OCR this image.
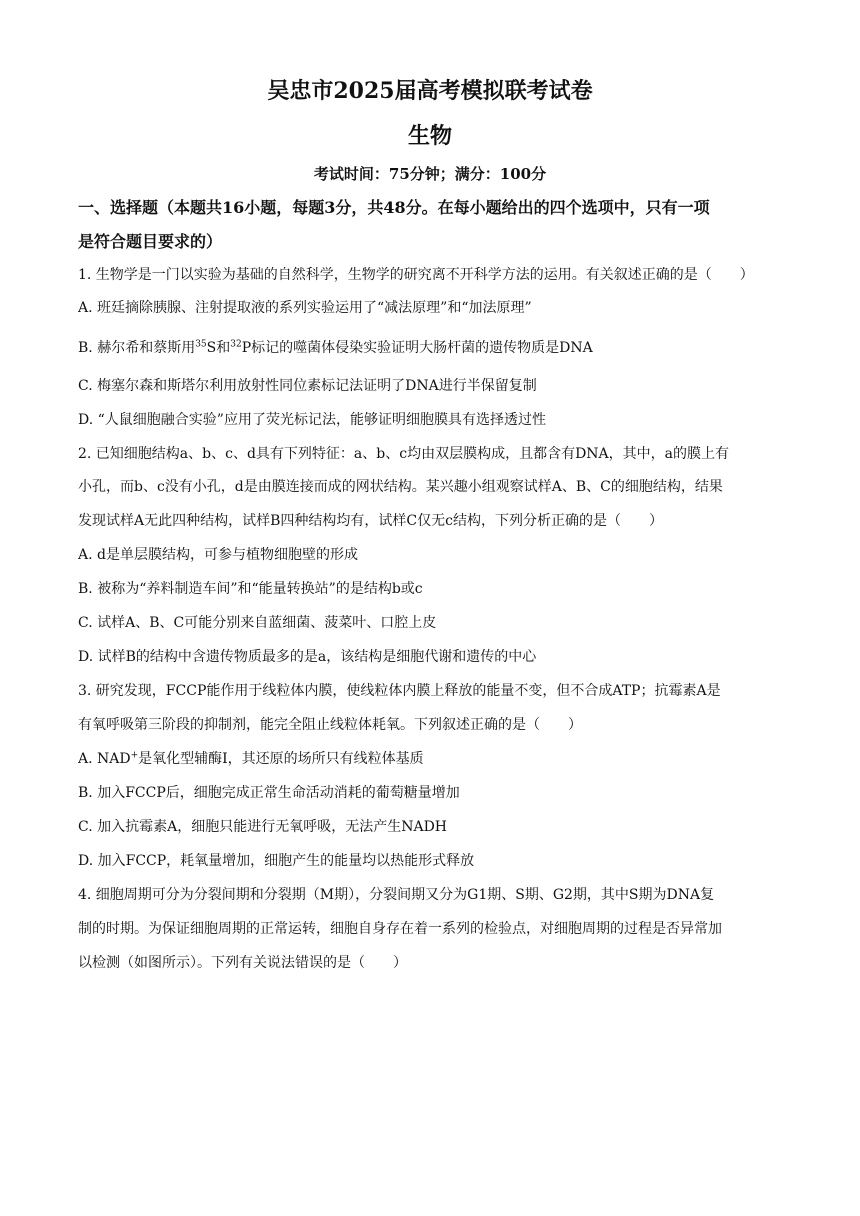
吴忠市2025届高考模拟联考试卷
生物
考试时间：75分钟；满分：100分
一、选择题（本题共16小题，每题3分，共48分。在每小题给出的四个选项中，只有一项
是符合题目要求的）
1. 生物学是一门以实验为基础的自然科学，生物学的研究离不开科学方法的运用。有关叙述正确的是（　　）
A. 班廷摘除胰腺、注射提取液的系列实验运用了“减法原理”和“加法原理”
B. 赫尔希和蔡斯用$^{35}$S和$^{32}$P标记的噬菌体侵染实验证明大肠杆菌的遗传物质是DNA
C. 梅塞尔森和斯塔尔利用放射性同位素标记法证明了DNA进行半保留复制
D. “人鼠细胞融合实验”应用了荧光标记法，能够证明细胞膜具有选择透过性
2. 已知细胞结构a、b、c、d具有下列特征：a、b、c均由双层膜构成，且都含有DNA，其中，a的膜上有
小孔，而b、c没有小孔，d是由膜连接而成的网状结构。某兴趣小组观察试样A、B、C的细胞结构，结果
发现试样A无此四种结构，试样B四种结构均有，试样C仅无c结构，下列分析正确的是（　　）
A. d是单层膜结构，可参与植物细胞壁的形成
B. 被称为“养料制造车间”和“能量转换站”的是结构b或c
C. 试样A、B、C可能分别来自蓝细菌、菠菜叶、口腔上皮
D. 试样B的结构中含遗传物质最多的是a，该结构是细胞代谢和遗传的中心
3. 研究发现，FCCP能作用于线粒体内膜，使线粒体内膜上释放的能量不变，但不合成ATP；抗霉素A是
有氧呼吸第三阶段的抑制剂，能完全阻止线粒体耗氧。下列叙述正确的是（　　）
A. NAD+是氧化型辅酶Ⅰ，其还原的场所只有线粒体基质
B. 加入FCCP后，细胞完成正常生命活动消耗的葡萄糖量增加
C. 加入抗霉素A，细胞只能进行无氧呼吸，无法产生NADH
D. 加入FCCP，耗氧量增加，细胞产生的能量均以热能形式释放
4. 细胞周期可分为分裂间期和分裂期（M期），分裂间期又分为G1期、S期、G2期，其中S期为DNA复
制的时期。为保证细胞周期的正常运转，细胞自身存在着一系列的检验点，对细胞周期的过程是否异常加
以检测（如图所示）。下列有关说法错误的是（　　）
